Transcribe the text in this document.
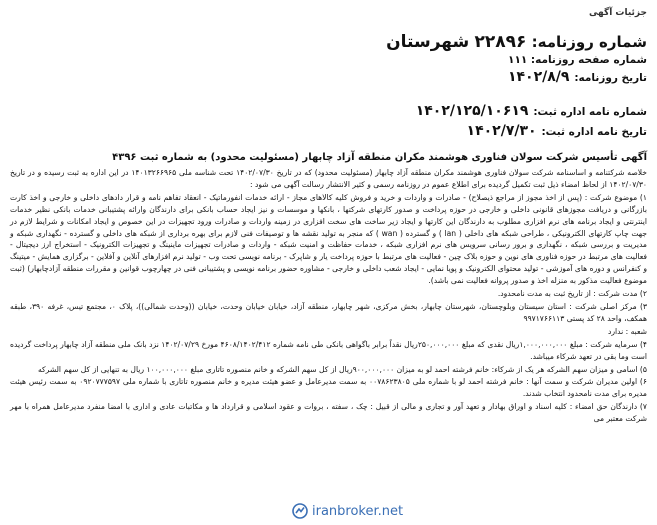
جزئیات آگهی
شماره روزنامه: ۲۲۸۹۶ شهرستان
شماره صفحه روزنامه: ۱۱۱
تاریخ روزنامه: ۱۴۰۲/۸/۹
شماره نامه اداره ثبت: ۱۴۰۲/۱۲۵/۱۰۶۱۹
تاریخ نامه اداره ثبت: ۱۴۰۲/۷/۳۰
آگهی تأسیس شرکت سولان فناوری هوشمند مکران منطقه آزاد چابهار (مسئولیت محدود) به شماره ثبت ۴۳۹۶

خلاصه شرکتنامه و اساسنامه شرکت سولان فناوری هوشمند مکران منطقه آزاد چابهار (مسئولیت محدود) که در تاریخ ۱۴۰۲/۰۷/۳۰ تحت شناسه ملی ۱۴۰۱۳۲۶۶۹۶۵ در این اداره به ثبت رسیده و در تاریخ ۱۴۰۲/۰۷/۳۰ از لحاظ امضاء ذیل ثبت تکمیل گردیده برای اطلاع عموم در روزنامه رسمی و کثیر الانتشار رسالت آگهی می شود :

۱) موضوع شرکت : (پس از اخذ مجوز از مراجع ذیصلاح) - صادرات و واردات و خرید و فروش کلیه کالاهای مجاز - ارائه خدمات انفورماتیک - انعقاد تفاهم نامه و قرار دادهای داخلی و خارجی و اخذ کارت بازرگانی و دریافت مجوزهای قانونی داخلی و خارجی در حوزه پرداخت و صدور کارتهای شرکتها ، بانکها و موسسات و نیز ایجاد حساب بانکی برای دارندگان وارائه پشتیبانی خدمات بانکی نظیر خدمات اینترنتی و ایجاد برنامه های نرم افزاری مطلوب به دارندگان این کارتها و ایجاد زیر ساخت های سخت افزاری در زمینه واردات و صادرات ورود تجهیزات در این خصوص و ایجاد امکانات و شرایط لازم در جهت چاپ کارتهای الکترونیکی ، طراحی شبکه های داخلی ( lan ) و گسترده ( wan ) که منجر به تولید نقشه ها و توصیفات فنی لازم برای بهره برداری از شبکه های داخلی و گسترده - نگهداری شبکه و مدیریت و بررسی شبکه ، نگهداری و برور رسانی سرویس های نرم افزاری شبکه ، خدمات حفاظت و امنیت شبکه - واردات و صادرات تجهیزات ماینینگ و تجهیزات الکترونیک - استخراج ارز دیجیتال - فعالیت های مرتبط در حوزه فناوری های نوین و حوزه بلاک چین - فعالیت های مرتبط با حوزه پرداخت یار و شاپرک - برنامه نویسی تحت وب - تولید نرم افزارهای آنلاین و آفلاین - برگزاری همایش - میتینگ و کنفرانس و دوره های آموزشی - تولید محتوای الکترونیک و پویا نمایی - ایجاد شعب داخلی و خارجی - مشاوره حضور برنامه نویسی و پشتیبانی فنی در چهارچوب قوانین و مقررات منطقه آزادچابهار) (ثبت موضوع فعالیت مذکور به منزله اخذ و صدور پروانه فعالیت نمی باشد).

۲) مدت شرکت : از تاریخ ثبت به مدت نامحدود.

۳) مرکز اصلی شرکت : استان سیستان وبلوچستان، شهرستان چابهار، بخش مرکزی، شهر چابهار، منطقه آزاد، خیابان خیابان وحدت، خیابان ((وحدت شمالی))، پلاک ۰، مجتمع تیس، غرفه ۳۹۰، طبقه همکف، واحد ۲۸ کد پستی ۹۹۷۱۷۶۶۱۱۳

شعبه : ندارد

۴) سرمایه شرکت : مبلغ ۱,۰۰۰,۰۰۰,۰۰۰ریال نقدی که مبلغ ۲۵۰,۰۰۰,۰۰۰ریال نقداً برابر باگواهی بانکی طی نامه شماره ۴۶۰۸/۱۴۰۲/۴۱۲ مورخ ۱۴۰۲/۰۷/۲۹ نزد بانک ملی منطقه آزاد چابهار پرداخت گردیده است وما بقی در تعهد شرکاء میباشد.

۵) اسامی و میزان سهم الشرکه هر یک از شرکاء: خانم فرشته احمد لو به میزان ۹۰۰,۰۰۰,۰۰۰ریال از کل سهم الشرکه و خانم منصوره تاتاری مبلغ ۱۰۰,۰۰۰,۰۰۰ ریال به تنهایی از کل سهم الشرکه

۶) اولین مدیران شرکت و سمت آنها : خانم فرشته احمد لو با شماره ملی ۰۰۷۸۶۲۳۸۰۵ به سمت مدیرعامل و عضو هیئت مدیره و خانم منصوره تاتاری با شماره ملی ۰۹۲۰۷۷۷۵۹۷ به سمت رئیس هیئت مدیره برای مدت نامحدود انتخاب شدند.

۷) دارندگان حق امضاء : کلیه اسناد و اوراق بهادار و تعهد آور و تجاری و مالی از قبیل : چک ، سفته ، بروات و عقود اسلامی و قرارداد ها و مکاتبات عادی و اداری با امضا منفرد مدیرعامل همراه با مهر شرکت معتبر می

iranbroker.net
